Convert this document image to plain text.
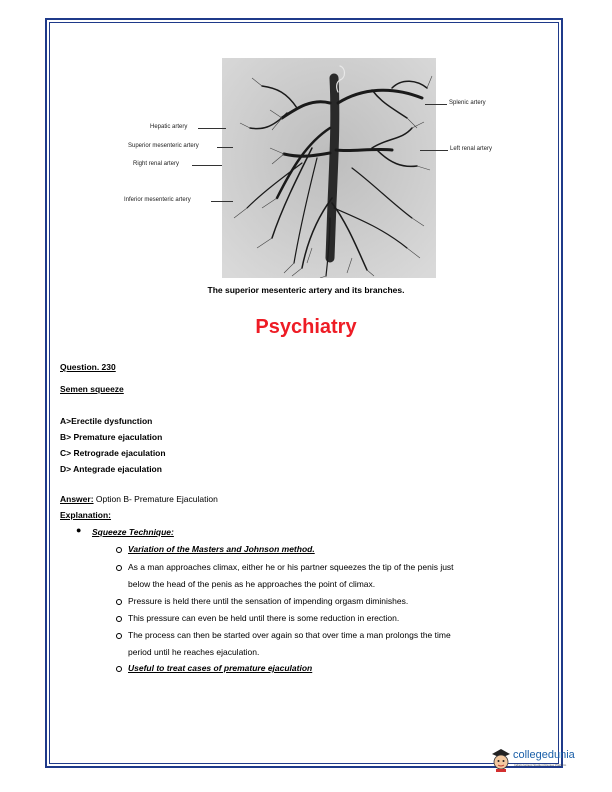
Hepatic artery
Superior mesenteric artery
Right renal artery
Inferior mesenteric artery
Splenic artery
Left renal artery
The superior mesenteric artery and its branches.
Psychiatry
Question. 230
Semen squeeze
A>Erectile dysfunction
B> Premature ejaculation
C> Retrograde ejaculation
D> Antegrade ejaculation
Answer: Option B- Premature Ejaculation
Explanation:
● Squeeze Technique:
Variation of the Masters and Johnson method.
As a man approaches climax, either he or his partner squeezes the tip of the penis just
below the head of the penis as he approaches the point of climax.
Pressure is held there until the sensation of impending orgasm diminishes.
This pressure can even be held until there is some reduction in erection.
The process can then be started over again so that over time a man prolongs the time
period until he reaches ejaculation.
Useful to treat cases of premature ejaculation
collegedunia
India's largest Student Review Platform
